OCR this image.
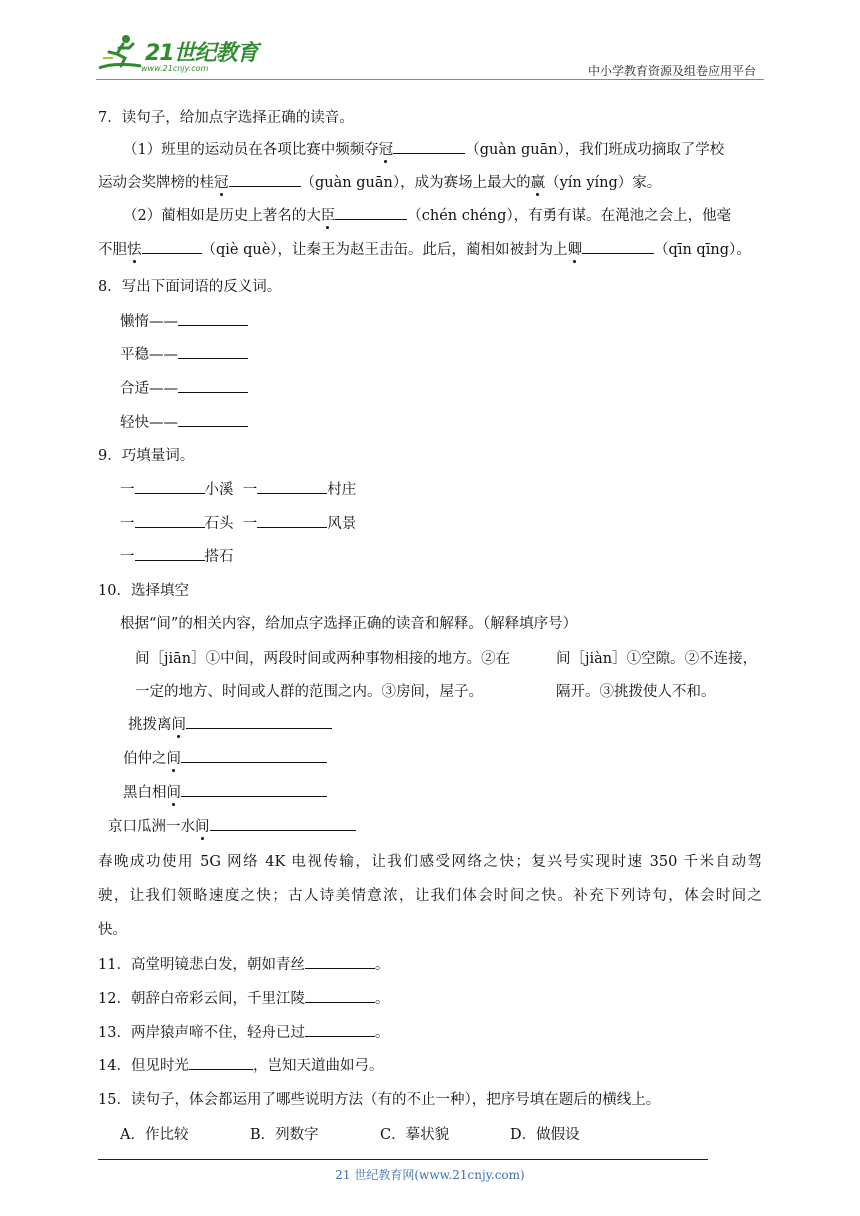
21世纪教育
www.21cnjy.com	中小学教育资源及组卷应用平台
7．读句子，给加点字选择正确的读音。
（1）班里的运动员在各项比赛中频频夺冠	（guàn guān），我们班成功摘取了学校
运动会奖牌榜的桂冠	（guàn guān），成为赛场上最大的赢（yín yíng）家。
（2）蔺相如是历史上著名的大臣	（chén chéng），有勇有谋。在渑池之会上，他毫
不胆怯	（qiè què），让秦王为赵王击缶。此后，蔺相如被封为上卿	（qīn qīng）。
8．写出下面词语的反义词。
懒惰——
平稳——
合适——
轻快——
9．巧填量词。
一	小溪 一	村庄
一	石头 一	风景
一	搭石
10．选择填空
根据“间”的相关内容，给加点字选择正确的读音和解释。（解释填序号）
间［jiān］①中间，两段时间或两种事物相接的地方。②在
一定的地方、时间或人群的范围之内。③房间，屋子。
间［jiàn］①空隙。②不连接，
隔开。③挑拨使人不和。
挑拨离间
伯仲之间
黑白相间
京口瓜洲一水间
春晚成功使用 5G 网络 4K 电视传输，让我们感受网络之快；复兴号实现时速 350 千米自动驾
驶，让我们领略速度之快；古人诗美情意浓，让我们体会时间之快。补充下列诗句，体会时间之
快。
11．高堂明镜悲白发，朝如青丝	。
12．朝辞白帝彩云间，千里江陵	。
13．两岸猿声啼不住，轻舟已过	。
14．但见时光	，岂知天道曲如弓。
15．读句子，体会都运用了哪些说明方法（有的不止一种），把序号填在题后的横线上。
A．作比较	B．列数字	C．摹状貌	D．做假设
21 世纪教育网(www.21cnjy.com)
